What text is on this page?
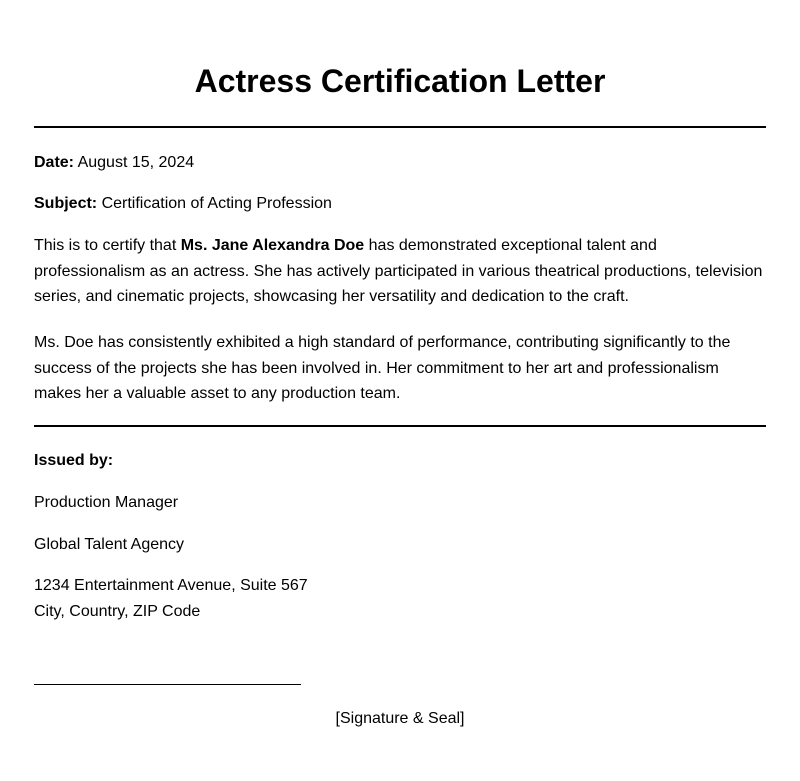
Actress Certification Letter
Date: August 15, 2024
Subject: Certification of Acting Profession

This is to certify that Ms. Jane Alexandra Doe has demonstrated exceptional talent and professionalism as an actress. She has actively participated in various theatrical productions, television series, and cinematic projects, showcasing her versatility and dedication to the craft.

Ms. Doe has consistently exhibited a high standard of performance, contributing significantly to the success of the projects she has been involved in. Her commitment to her art and professionalism makes her a valuable asset to any production team.

Issued by:
Production Manager
Global Talent Agency
1234 Entertainment Avenue, Suite 567
City, Country, ZIP Code
[Signature & Seal]
